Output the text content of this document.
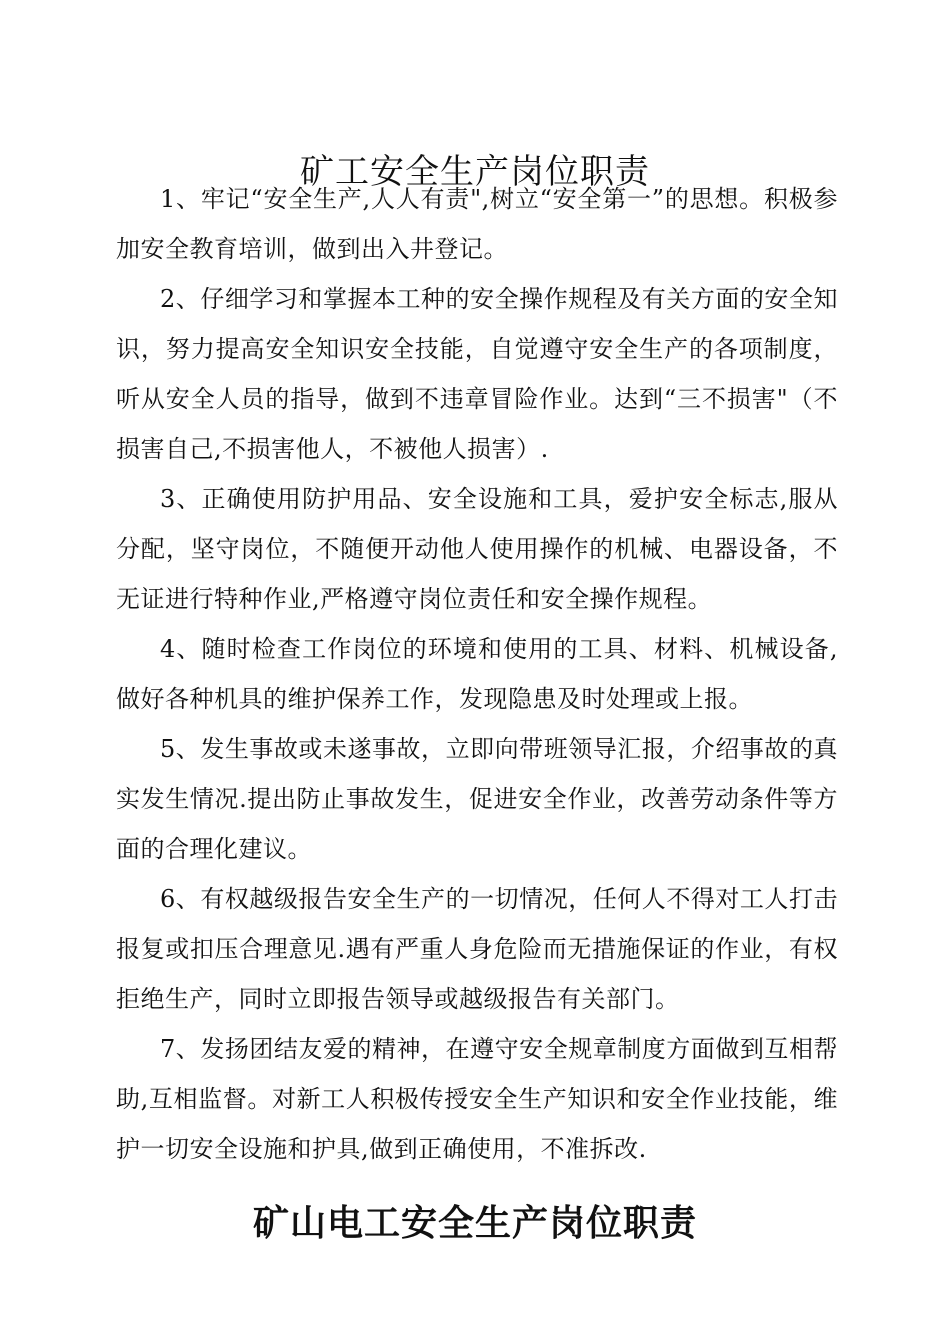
矿工安全生产岗位职责

1、牢记“安全生产,人人有责",树立“安全第一”的思想。积极参加安全教育培训，做到出入井登记。

2、仔细学习和掌握本工种的安全操作规程及有关方面的安全知识，努力提高安全知识安全技能，自觉遵守安全生产的各项制度，听从安全人员的指导，做到不违章冒险作业。达到“三不损害"（不损害自己,不损害他人，不被他人损害）.

3、正确使用防护用品、安全设施和工具，爱护安全标志,服从分配，坚守岗位，不随便开动他人使用操作的机械、电器设备，不无证进行特种作业,严格遵守岗位责任和安全操作规程。

4、随时检查工作岗位的环境和使用的工具、材料、机械设备,做好各种机具的维护保养工作，发现隐患及时处理或上报。

5、发生事故或未遂事故，立即向带班领导汇报，介绍事故的真实发生情况.提出防止事故发生，促进安全作业，改善劳动条件等方面的合理化建议。

6、有权越级报告安全生产的一切情况，任何人不得对工人打击报复或扣压合理意见.遇有严重人身危险而无措施保证的作业，有权拒绝生产，同时立即报告领导或越级报告有关部门。

7、发扬团结友爱的精神，在遵守安全规章制度方面做到互相帮助,互相监督。对新工人积极传授安全生产知识和安全作业技能，维护一切安全设施和护具,做到正确使用，不准拆改.

矿山电工安全生产岗位职责
